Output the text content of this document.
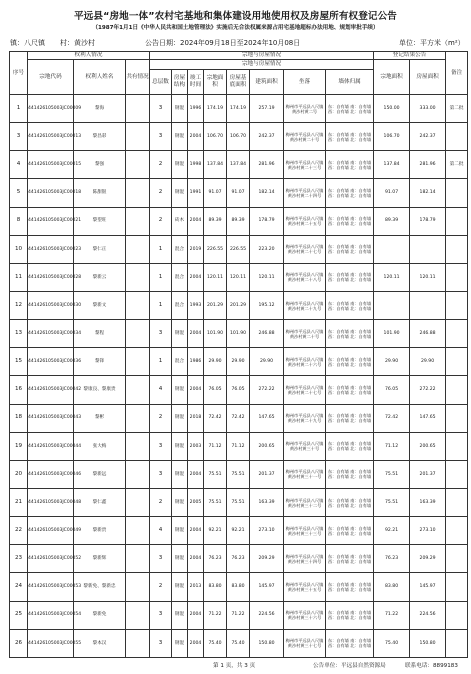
平远县“房地一体”农村宅基地和集体建设用地使用权及房屋所有权登记公告
（1987年1月1日《中华人民共和国土地管理法》实施后无合法权属来源占用宅基地超标办法用地、规划审批手续）
镇：八尺镇 村：黄沙村	公告日期：2024年09月18日至2024年10月08日	单位：平方米（m²）
序号	权利人情况			宗地与房屋情况								登记结果公告		备注
	宗地代码	权利人姓名	共有情况	宗地与房屋情况								宗地面积	房屋面积	
				总层数	房屋结构	竣工时间	宗地面积	房屋基底面积	建筑面积	坐落	墙体归属			
1	441426105003JC00009	黎海		3	钢混	1996	174.19	174.19	257.19	梅州市平远县八尺镇黄沙村黄二号	东：自有墙 南：自有墙 西：自有墙 北：自有墙	150.00	333.00	第二批
3	441426105003JC00013	黎昌彩		3	钢混	2004	106.70	106.70	242.37	梅州市平远县八尺镇黄沙村黄二十号	东：自有墙 南：自有墙 西：自有墙 北：自有墙	106.70	242.37	
4	441426105003JC00015	黎强		2	钢混	1998	137.84	137.84	281.96	梅州市平远县八尺镇黄沙村黄二十三号	东：自有墙 南：自有墙 西：自有墙 北：自有墙	137.84	281.96	第二批
5	441426105003JC00018	陈甜银		2	钢混	1991	91.07	91.07	182.14	梅州市平远县八尺镇黄沙村黄二十四号	东：自有墙 南：自有墙 西：自有墙 北：自有墙	91.07	182.14	
8	441426105003JC00021	黎望旺		2	砖木	2004	89.39	89.39	178.79	梅州市平远县八尺镇黄沙村黄二十五号	东：自有墙 南：自有墙 西：自有墙 北：自有墙	89.39	178.79	
10	441426105003JC00023	黎仁正		1	混合	2019	226.55	226.55	223.20	梅州市平远县八尺镇黄沙村黄二十七号	东：自有墙 南：自有墙 西：自有墙 北：自有墙			
11	441426105003JC00028	黎新云		1	混合	2004	120.11	120.11	120.11	梅州市平远县八尺镇黄沙村黄二十八号	东：自有墙 南：自有墙 西：自有墙 北：自有墙	120.11	120.11	
12	441426105003JC00030	黎新文		1	混合	1993	201.29	201.29	195.12	梅州市平远县八尺镇黄沙村黄二十九号	东：自有墙 南：自有墙 西：自有墙 北：自有墙			
13	441426105003JC00034	黎程		3	钢混	2004	101.90	101.90	246.88	梅州市平远县八尺镇黄沙村黄二十号	东：自有墙 南：自有墙 西：自有墙 北：自有墙	101.90	246.88	
15	441426105003JC00036	黎锋		1	混合	1986	29.90	29.90	29.90	梅州市平远县八尺镇黄沙村黄二十六号	东：自有墙 南：自有墙 西：自有墙 北：自有墙	29.90	29.90	
16	441426105003JC00042	黎康良、黎康贵		4	钢混	2004	76.05	76.05	272.22	梅州市平远县八尺镇黄沙村黄二十七号	东：自有墙 南：自有墙 西：自有墙 北：自有墙	76.05	272.22	
18	441426105003JC00043	黎彬		2	钢混	2018	72.42	72.42	147.65	梅州市平远县八尺镇黄沙村黄二十九号	东：自有墙 南：自有墙 西：自有墙 北：自有墙	72.42	147.65	
19	441426105003JC00044	张大梅		3	钢混	2003	71.12	71.12	200.65	梅州市平远县八尺镇黄沙村黄三十号	东：自有墙 南：自有墙 西：自有墙 北：自有墙	71.12	200.65	
20	441426105003JC00046	黎新远		3	钢混	2004	75.51	75.51	201.37	梅州市平远县八尺镇黄沙村黄三十一号	东：自有墙 南：自有墙 西：自有墙 北：自有墙	75.51	201.37	
21	441426105003JC00048	黎仁鑫		2	钢混	2005	75.51	75.51	163.39	梅州市平远县八尺镇黄沙村黄三十二号	东：自有墙 南：自有墙 西：自有墙 北：自有墙	75.51	163.39	
22	441426105003JC00049	黎新贵		4	钢混	2004	92.21	92.21	273.10	梅州市平远县八尺镇黄沙村黄三十三号	东：自有墙 南：自有墙 西：自有墙 北：自有墙	92.21	273.10	
23	441426105003JC00052	黎新辉		3	钢混	2004	76.23	76.23	209.29	梅州市平远县八尺镇黄沙村黄三十四号	东：自有墙 南：自有墙 西：自有墙 北：自有墙	76.23	209.29	
24	441426105003JC00053	黎新免、黎新忠		2	钢混	2013	83.80	83.80	145.97	梅州市平远县八尺镇黄沙村黄三十五号	东：自有墙 南：自有墙 西：自有墙 北：自有墙	83.80	145.97	
25	441426105003JC00054	黎新免		3	钢混	2004	71.22	71.22	224.56	梅州市平远县八尺镇黄沙村黄三十六号	东：自有墙 南：自有墙 西：自有墙 北：自有墙	71.22	224.56	
26	441426105003JC00055	黎本汉		3	钢混	2004	75.40	75.40	150.80	梅州市平远县八尺镇黄沙村黄三十七号	东：自有墙 南：自有墙 西：自有墙 北：自有墙	75.40	150.80	
第 1 页，共 3 页	公告单位：平远县自然资源局	联系电话：8899183
